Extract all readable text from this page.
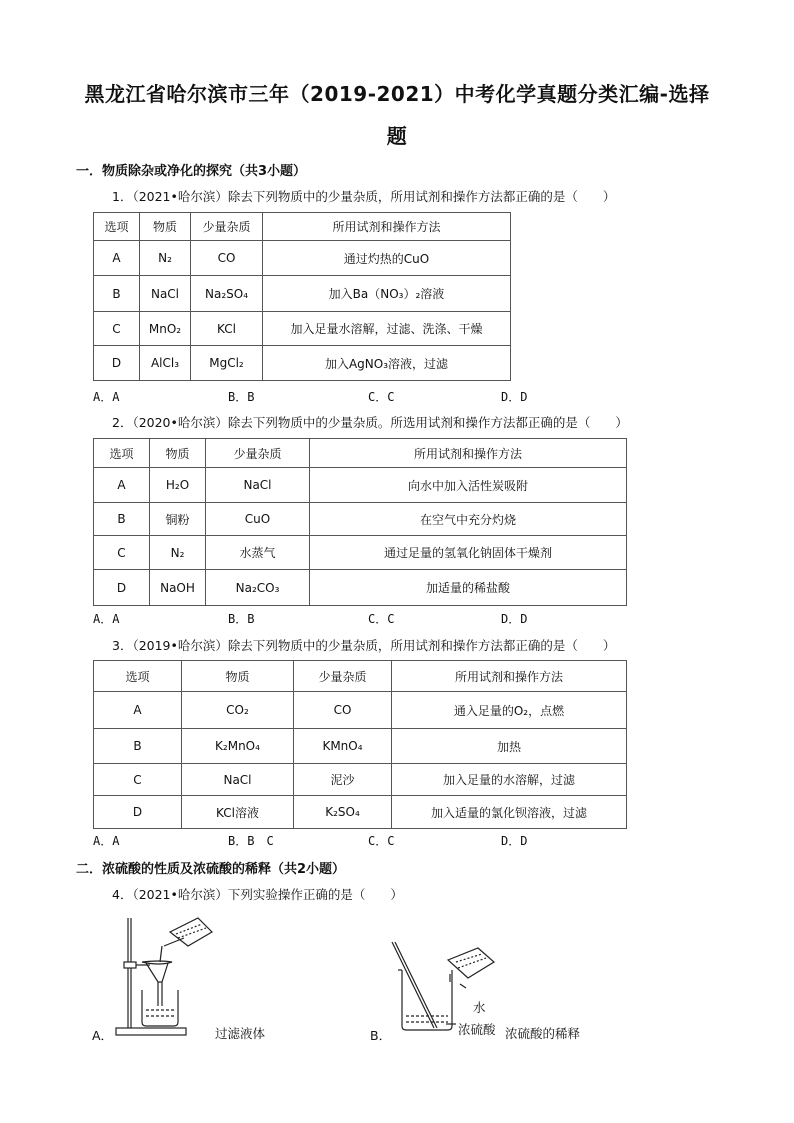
黑龙江省哈尔滨市三年（2019-2021）中考化学真题分类汇编-选择
题
一．物质除杂或净化的探究（共3小题）
1．（2021•哈尔滨）除去下列物质中的少量杂质，所用试剂和操作方法都正确的是（　　）
选项	物质	少量杂质	所用试剂和操作方法
A	N₂	CO	通过灼热的CuO
B	NaCl	Na₂SO₄	加入Ba（NO₃）₂溶液
C	MnO₂	KCl	加入足量水溶解，过滤、洗涤、干燥
D	AlCl₃	MgCl₂	加入AgNO₃溶液，过滤
A．A	B．B	C．C	D．D
2．（2020•哈尔滨）除去下列物质中的少量杂质。所选用试剂和操作方法都正确的是（　　）
选项	物质	少量杂质	所用试剂和操作方法
A	H₂O	NaCl	向水中加入活性炭吸附
B	铜粉	CuO	在空气中充分灼烧
C	N₂	水蒸气	通过足量的氢氧化钠固体干燥剂
D	NaOH	Na₂CO₃	加适量的稀盐酸
A．A	B．B	C．C	D．D
3．（2019•哈尔滨）除去下列物质中的少量杂质，所用试剂和操作方法都正确的是（　　）
选项	物质	少量杂质	所用试剂和操作方法
A	CO₂	CO	通入足量的O₂，点燃
B	K₂MnO₄	KMnO₄	加热
C	NaCl	泥沙	加入足量的水溶解，过滤
D	KCl溶液	K₂SO₄	加入适量的氯化钡溶液，过滤
A．A	B．B　C	C．C	D．D
二．浓硫酸的性质及浓硫酸的稀释（共2小题）
4．（2021•哈尔滨）下列实验操作正确的是（　　）
A．	过滤液体	B．
水
浓硫酸 浓硫酸的稀释
